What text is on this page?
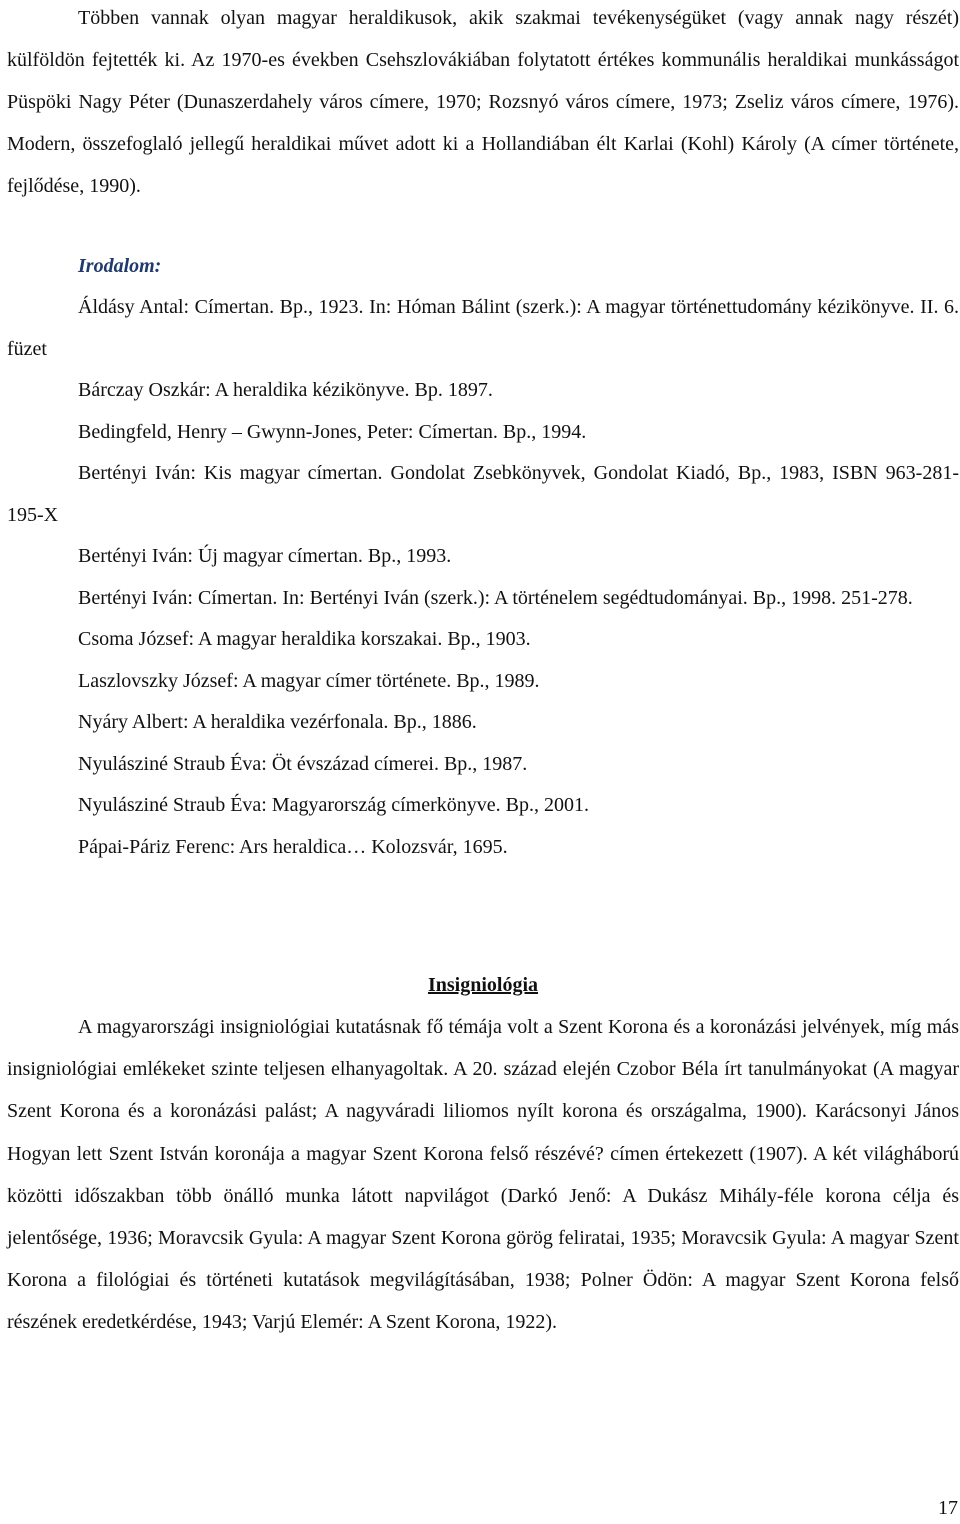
Többen vannak olyan magyar heraldikusok, akik szakmai tevékenységüket (vagy annak nagy részét) külföldön fejtették ki. Az 1970-es években Csehszlovákiában folytatott értékes kommunális heraldikai munkásságot Püspöki Nagy Péter (Dunaszerdahely város címere, 1970; Rozsnyó város címere, 1973; Zseliz város címere, 1976). Modern, összefoglaló jellegű heraldikai művet adott ki a Hollandiában élt Karlai (Kohl) Károly (A címer története, fejlődése, 1990).

Irodalom:
Áldásy Antal: Címertan. Bp., 1923. In: Hóman Bálint (szerk.): A magyar történettudomány kézikönyve. II. 6. füzet
Bárczay Oszkár: A heraldika kézikönyve. Bp. 1897.
Bedingfeld, Henry – Gwynn-Jones, Peter: Címertan. Bp., 1994.
Bertényi Iván: Kis magyar címertan. Gondolat Zsebkönyvek, Gondolat Kiadó, Bp., 1983, ISBN 963-281-195-X
Bertényi Iván: Új magyar címertan. Bp., 1993.
Bertényi Iván: Címertan. In: Bertényi Iván (szerk.): A történelem segédtudományai. Bp., 1998. 251-278.
Csoma József: A magyar heraldika korszakai. Bp., 1903.
Laszlovszky József: A magyar címer története. Bp., 1989.
Nyáry Albert: A heraldika vezérfonala. Bp., 1886.
Nyulásziné Straub Éva: Öt évszázad címerei. Bp., 1987.
Nyulásziné Straub Éva: Magyarország címerkönyve. Bp., 2001.
Pápai-Páriz Ferenc: Ars heraldica… Kolozsvár, 1695.
Insigniológia

A magyarországi insigniológiai kutatásnak fő témája volt a Szent Korona és a koronázási jelvények, míg más insigniológiai emlékeket szinte teljesen elhanyagoltak. A 20. század elején Czobor Béla írt tanulmányokat (A magyar Szent Korona és a koronázási palást; A nagyváradi liliomos nyílt korona és országalma, 1900). Karácsonyi János Hogyan lett Szent István koronája a magyar Szent Korona felső részévé? címen értekezett (1907). A két világháború közötti időszakban több önálló munka látott napvilágot (Darkó Jenő: A Dukász Mihály-féle korona célja és jelentősége, 1936; Moravcsik Gyula: A magyar Szent Korona görög feliratai, 1935; Moravcsik Gyula: A magyar Szent Korona a filológiai és történeti kutatások megvilágításában, 1938; Polner Ödön: A magyar Szent Korona felső részének eredetkérdése, 1943; Varjú Elemér: A Szent Korona, 1922).

17
